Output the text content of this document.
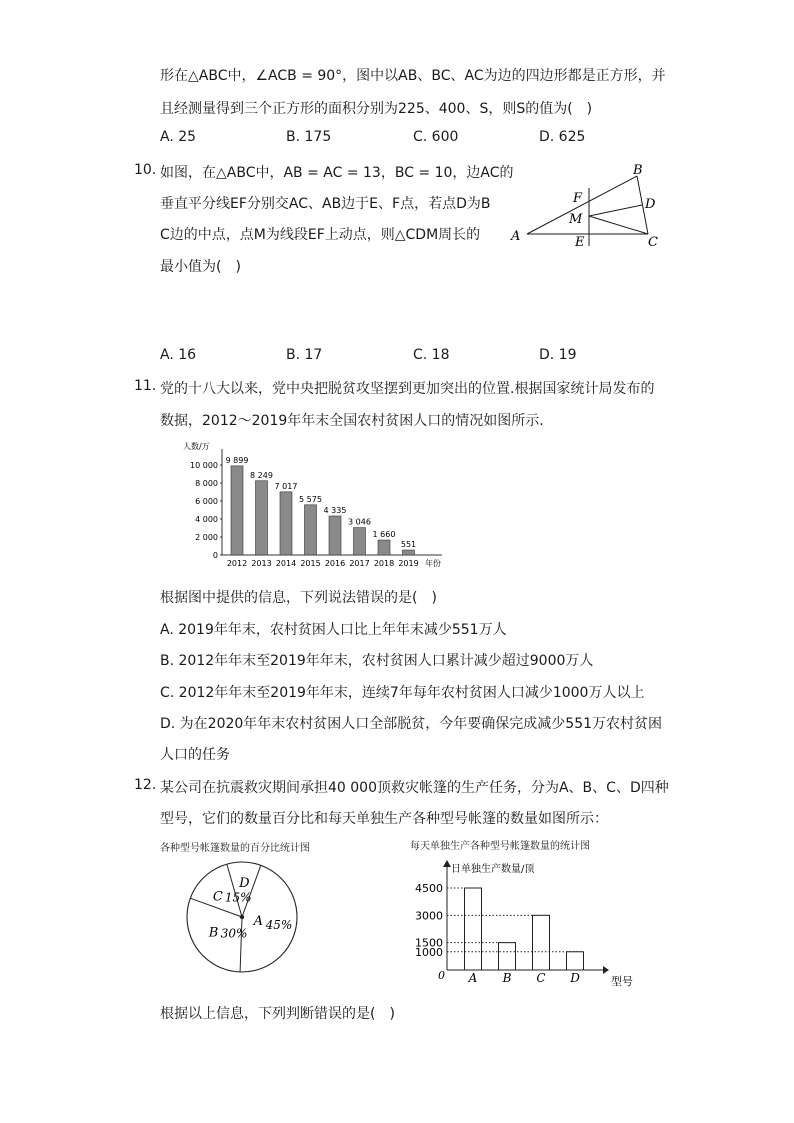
形在△ABC中，∠ACB = 90°，图中以AB、BC、AC为边的四边形都是正方形，并
且经测量得到三个正方形的面积分别为225、400、S，则S的值为(　)
A. 25	B. 175	C. 600	D. 625
10. 如图，在△ABC中，AB = AC = 13，BC = 10，边AC的
垂直平分线EF分别交AC、AB边于E、F点，若点D为B
C边的中点，点M为线段EF上动点，则△CDM周长的
最小值为(　)
A
B
C
D
E
F
M
A. 16	B. 17	C. 18	D. 19
11. 党的十八大以来，党中央把脱贫攻坚摆到更加突出的位置.根据国家统计局发布的
数据，2012～2019年年末全国农村贫困人口的情况如图所示.
人数/万
0
2 000
4 000
6 000
8 000
10 000
9 899
2012
8 249
2013
7 017
2014
5 575
2015
4 335
2016
3 046
2017
1 660
2018
551
2019 年份
根据图中提供的信息，下列说法错误的是(　)
A. 2019年年末，农村贫困人口比上年年末减少551万人
B. 2012年年末至2019年年末，农村贫困人口累计减少超过9000万人
C. 2012年年末至2019年年末，连续7年每年农村贫困人口减少1000万人以上
D. 为在2020年年末农村贫困人口全部脱贫，今年要确保完成减少551万农村贫困
人口的任务
12. 某公司在抗震救灾期间承担40 000顶救灾帐篷的生产任务，分为A、B、C、D四种
型号，它们的数量百分比和每天单独生产各种型号帐篷的数量如图所示：
各种型号帐篷数量的百分比统计图
A 45%
B 30%
C 15%
D
每天单独生产各种型号帐篷数量的统计图
日单独生产数量/顶
型号
0 A B C D
1000
1500
3000
4500
根据以上信息，下列判断错误的是(　)
